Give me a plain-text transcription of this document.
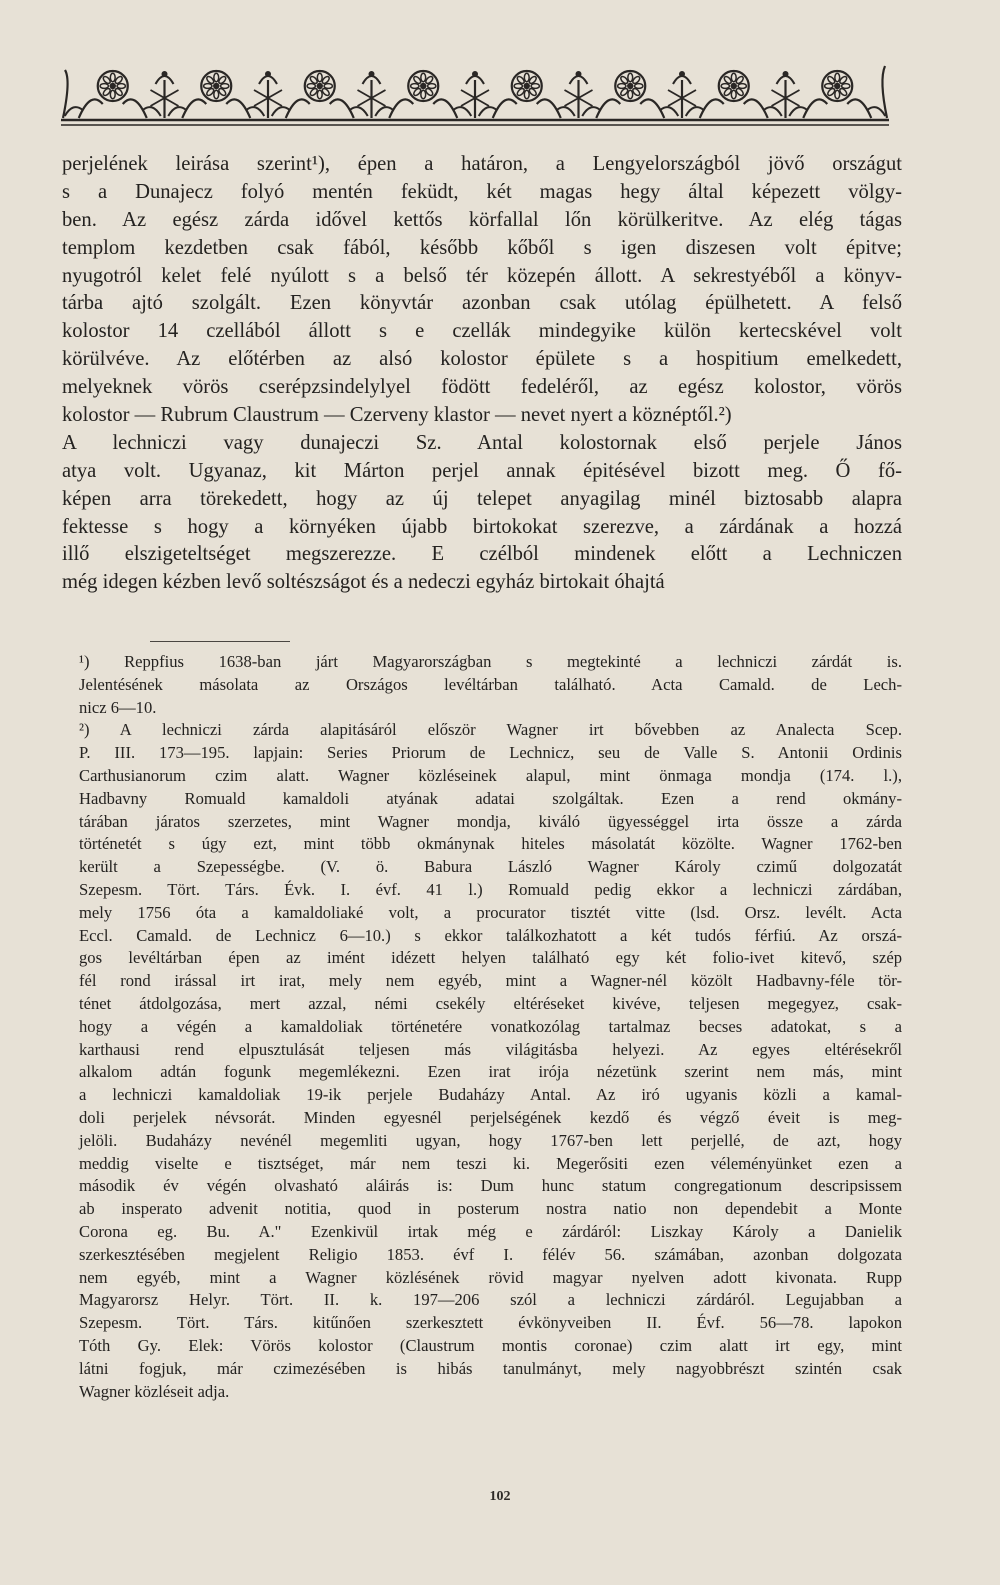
perjelének leirása szerint¹), épen a határon, a Lengyelországból jövő országut
s a Dunajecz folyó mentén feküdt, két magas hegy által képezett völgy-
ben. Az egész zárda idővel kettős körfallal lőn körülkeritve. Az elég tágas
templom kezdetben csak fából, később kőből s igen diszesen volt épitve;
nyugotról kelet felé nyúlott s a belső tér közepén állott. A sekrestyéből a könyv-
tárba ajtó szolgált. Ezen könyvtár azonban csak utólag épülhetett. A felső
kolostor 14 czellából állott s e czellák mindegyike külön kertecskével volt
körülvéve. Az előtérben az alsó kolostor épülete s a hospitium emelkedett,
melyeknek vörös cserépzsindelylyel födött fedeléről, az egész kolostor, vörös
kolostor — Rubrum Claustrum — Czerveny klastor — nevet nyert a köznéptől.²)
A lechniczi vagy dunajeczi Sz. Antal kolostornak első perjele János
atya volt. Ugyanaz, kit Márton perjel annak épitésével bizott meg. Ő fő-
képen arra törekedett, hogy az új telepet anyagilag minél biztosabb alapra
fektesse s hogy a környéken újabb birtokokat szerezve, a zárdának a hozzá
illő elszigeteltséget megszerezze. E czélból mindenek előtt a Lechniczen
még idegen kézben levő soltészságot és a nedeczi egyház birtokait óhajtá
¹) Reppfius 1638-ban járt Magyarországban s megtekinté a lechniczi zárdát is.
Jelentésének másolata az Országos levéltárban található. Acta Camald. de Lech-
nicz 6—10.
²) A lechniczi zárda alapitásáról először Wagner irt bővebben az Analecta Scep.
P. III. 173—195. lapjain: Series Priorum de Lechnicz, seu de Valle S. Antonii Ordinis
Carthusianorum czim alatt. Wagner közléseinek alapul, mint önmaga mondja (174. l.),
Hadbavny Romuald kamaldoli atyának adatai szolgáltak. Ezen a rend okmány-
tárában járatos szerzetes, mint Wagner mondja, kiváló ügyességgel irta össze a zárda
történetét s úgy ezt, mint több okmánynak hiteles másolatát közölte. Wagner 1762-ben
került a Szepességbe. (V. ö. Babura László Wagner Károly czimű dolgozatát
Szepesm. Tört. Társ. Évk. I. évf. 41 l.) Romuald pedig ekkor a lechniczi zárdában,
mely 1756 óta a kamaldoliaké volt, a procurator tisztét vitte (lsd. Orsz. levélt. Acta
Eccl. Camald. de Lechnicz 6—10.) s ekkor találkozhatott a két tudós férfiú. Az orszá-
gos levéltárban épen az imént idézett helyen található egy két folio-ivet kitevő, szép
fél rond irással irt irat, mely nem egyéb, mint a Wagner-nél közölt Hadbavny-féle tör-
ténet átdolgozása, mert azzal, némi csekély eltéréseket kivéve, teljesen megegyez, csak-
hogy a végén a kamaldoliak történetére vonatkozólag tartalmaz becses adatokat, s a
karthausi rend elpusztulását teljesen más világitásba helyezi. Az egyes eltérésekről
alkalom adtán fogunk megemlékezni. Ezen irat irója nézetünk szerint nem más, mint
a lechniczi kamaldoliak 19-ik perjele Budaházy Antal. Az iró ugyanis közli a kamal-
doli perjelek névsorát. Minden egyesnél perjelségének kezdő és végző éveit is meg-
jelöli. Budaházy nevénél megemliti ugyan, hogy 1767-ben lett perjellé, de azt, hogy
meddig viselte e tisztséget, már nem teszi ki. Megerősiti ezen véleményünket ezen a
második év végén olvasható aláirás is: Dum hunc statum congregationum descripsissem
ab insperato advenit notitia, quod in posterum nostra natio non dependebit a Monte
Corona eg. Bu. A." Ezenkivül irtak még e zárdáról: Liszkay Károly a Danielik
szerkesztésében megjelent Religio 1853. évf I. félév 56. számában, azonban dolgozata
nem egyéb, mint a Wagner közlésének rövid magyar nyelven adott kivonata. Rupp
Magyarorsz Helyr. Tört. II. k. 197—206 szól a lechniczi zárdáról. Legujabban a
Szepesm. Tört. Társ. kitűnően szerkesztett évkönyveiben II. Évf. 56—78. lapokon
Tóth Gy. Elek: Vörös kolostor (Claustrum montis coronae) czim alatt irt egy, mint
látni fogjuk, már czimezésében is hibás tanulmányt, mely nagyobbrészt szintén csak
Wagner közléseit adja.
102
